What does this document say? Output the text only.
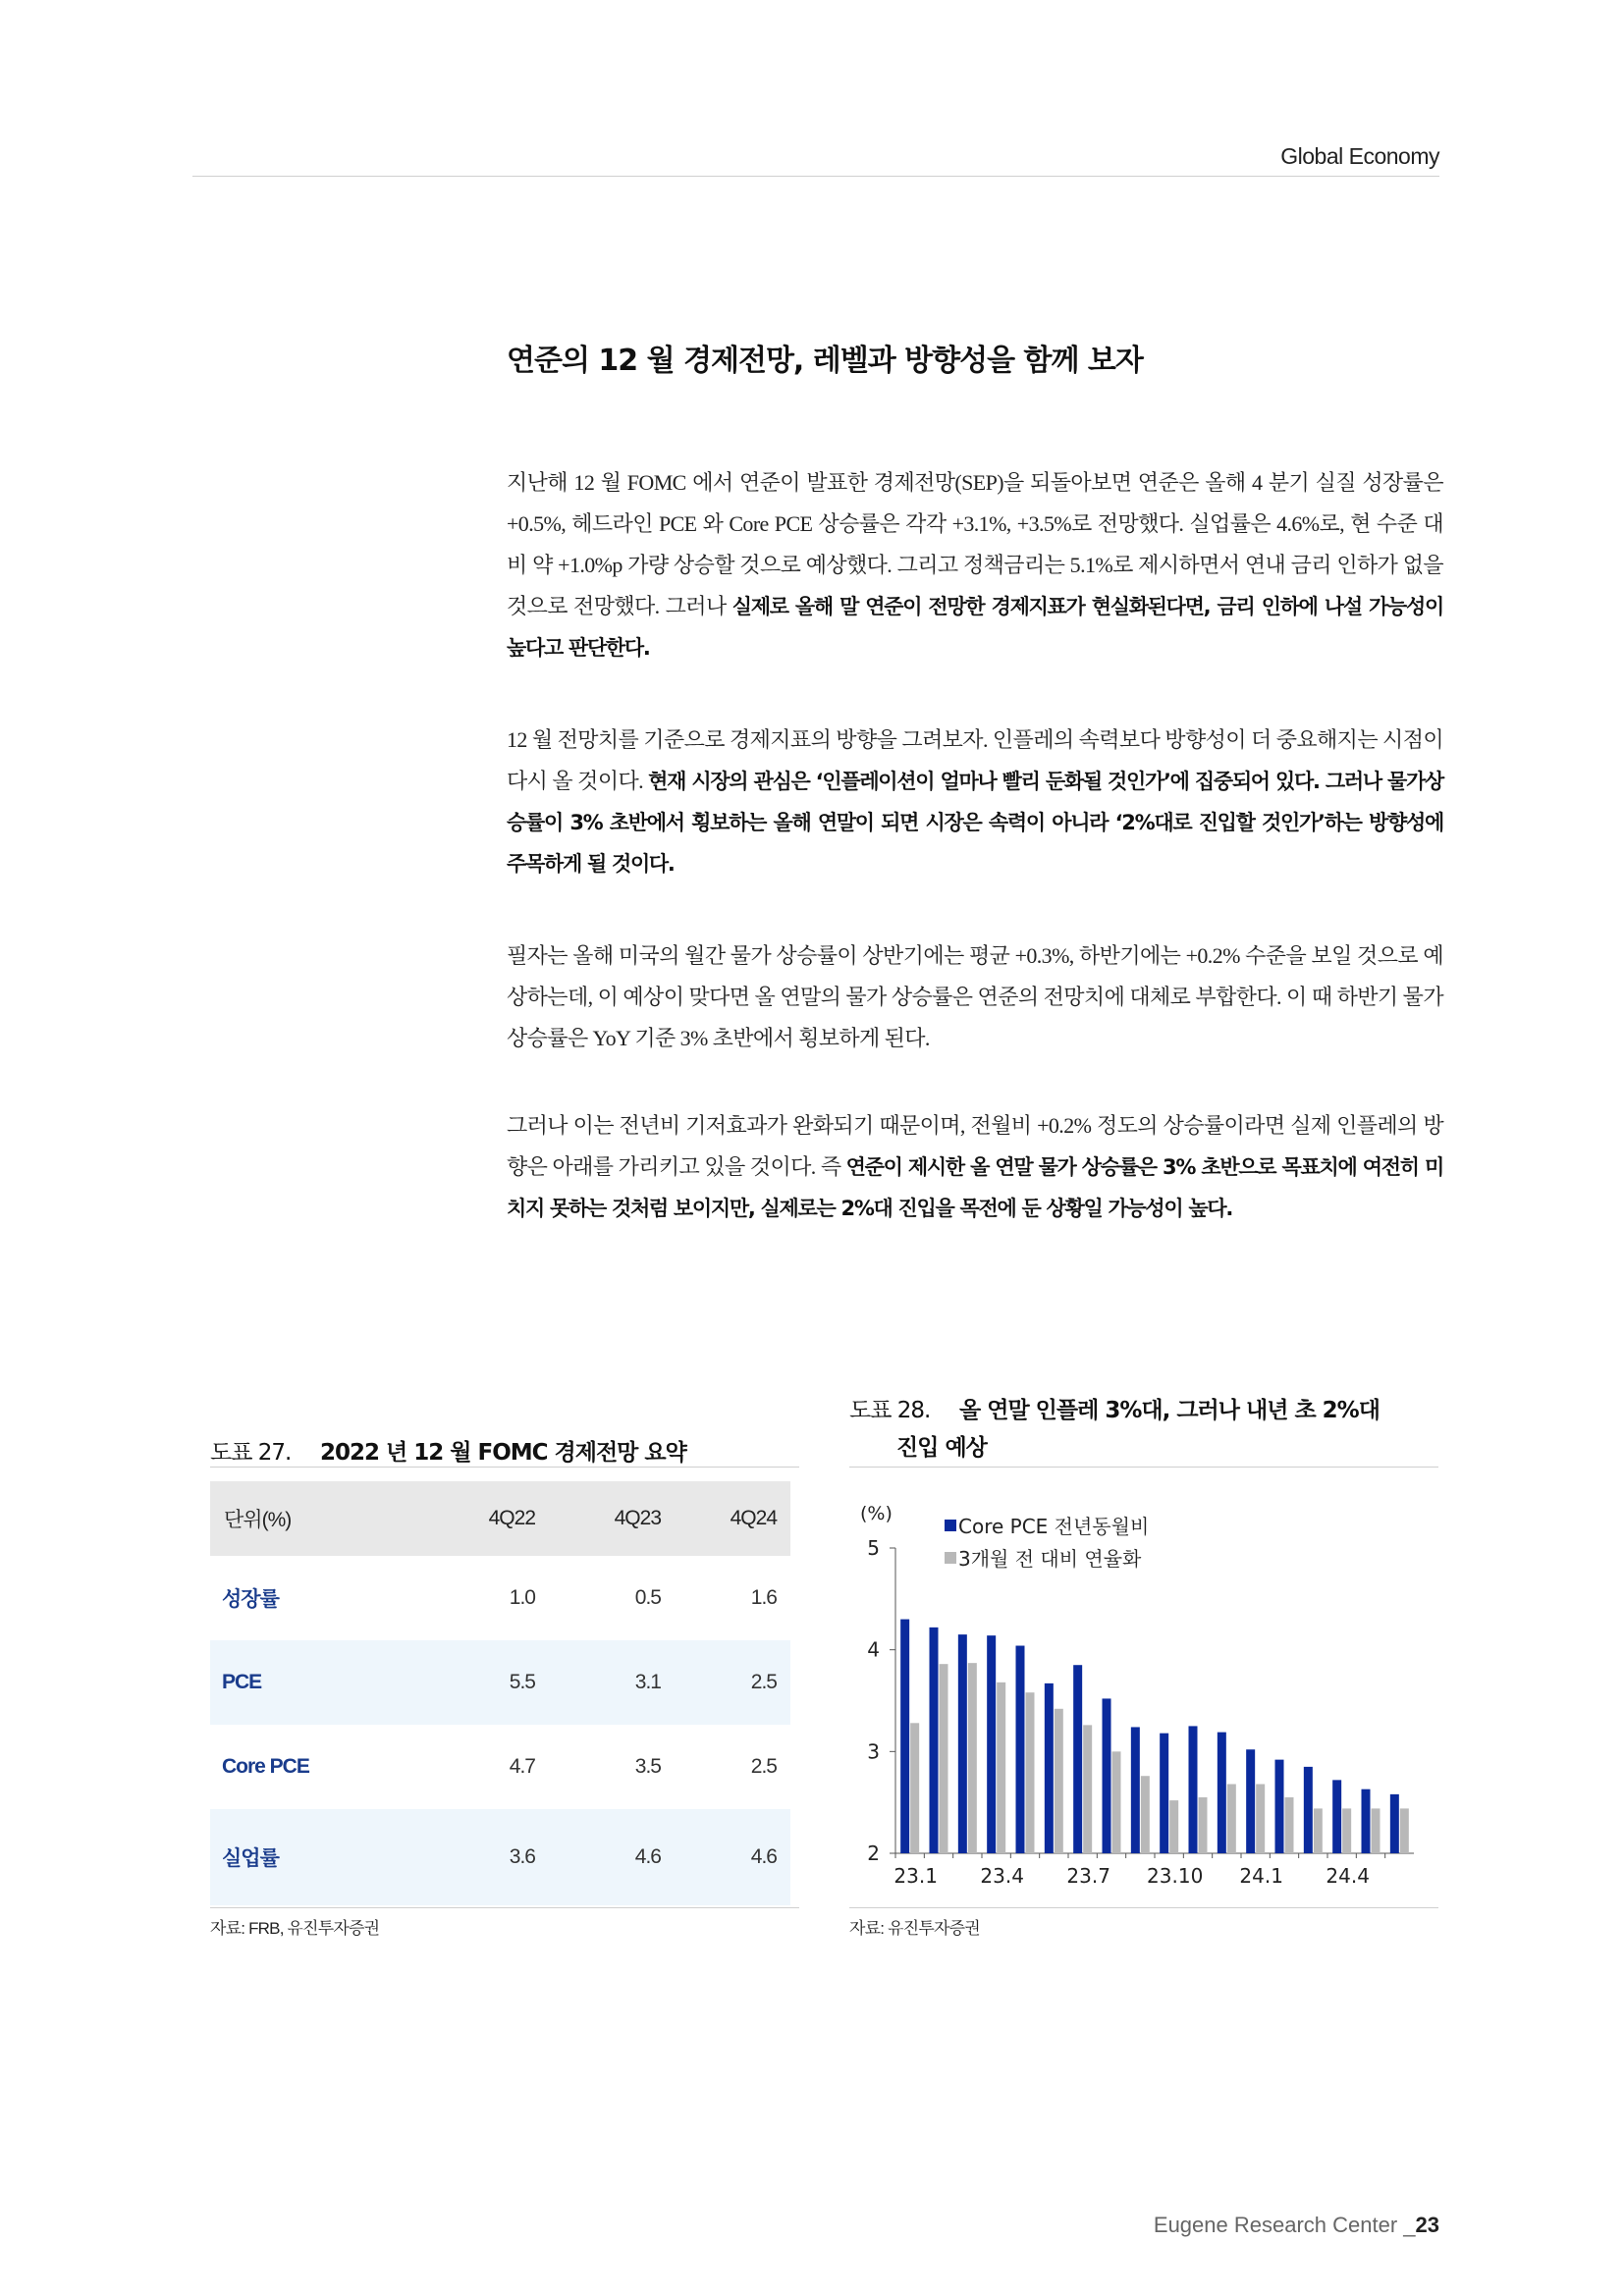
Global Economy
연준의 12 월 경제전망, 레벨과 방향성을 함께 보자

지난해 12 월 FOMC 에서 연준이 발표한 경제전망(SEP)을 되돌아보면 연준은 올해 4 분기 실질 성장률은 +0.5%, 헤드라인 PCE 와 Core PCE 상승률은 각각 +3.1%, +3.5%로 전망했다. 실업률은 4.6%로, 현 수준 대비 약 +1.0%p 가량 상승할 것으로 예상했다. 그리고 정책금리는 5.1%로 제시하면서 연내 금리 인하가 없을 것으로 전망했다. 그러나 실제로 올해 말 연준이 전망한 경제지표가 현실화된다면, 금리 인하에 나설 가능성이 높다고 판단한다.

12 월 전망치를 기준으로 경제지표의 방향을 그려보자. 인플레의 속력보다 방향성이 더 중요해지는 시점이 다시 올 것이다. 현재 시장의 관심은 ‘인플레이션이 얼마나 빨리 둔화될 것인가’에 집중되어 있다. 그러나 물가상승률이 3% 초반에서 횡보하는 올해 연말이 되면 시장은 속력이 아니라 ‘2%대로 진입할 것인가’하는 방향성에 주목하게 될 것이다.

필자는 올해 미국의 월간 물가 상승률이 상반기에는 평균 +0.3%, 하반기에는 +0.2% 수준을 보일 것으로 예상하는데, 이 예상이 맞다면 올 연말의 물가 상승률은 연준의 전망치에 대체로 부합한다. 이 때 하반기 물가 상승률은 YoY 기준 3% 초반에서 횡보하게 된다.

그러나 이는 전년비 기저효과가 완화되기 때문이며, 전월비 +0.2% 정도의 상승률이라면 실제 인플레의 방향은 아래를 가리키고 있을 것이다. 즉 연준이 제시한 올 연말 물가 상승률은 3% 초반으로 목표치에 여전히 미치지 못하는 것처럼 보이지만, 실제로는 2%대 진입을 목전에 둔 상황일 가능성이 높다.

도표 27. 2022 년 12 월 FOMC 경제전망 요약
단위(%)	4Q22	4Q23	4Q24
성장률	1.0	0.5	1.6
PCE	5.5	3.1	2.5
Core PCE	4.7	3.5	2.5
실업률	3.6	4.6	4.6
자료: FRB, 유진투자증권
도표 28. 올 연말 인플레 3%대, 그러나 내년 초 2%대
진입 예상
(%)
2
3
4
5
23.1 23.4 23.7 23.10 24.1 24.4
Core PCE 전년동월비
3개월 전 대비 연율화
자료: 유진투자증권
Eugene Research Center _23
